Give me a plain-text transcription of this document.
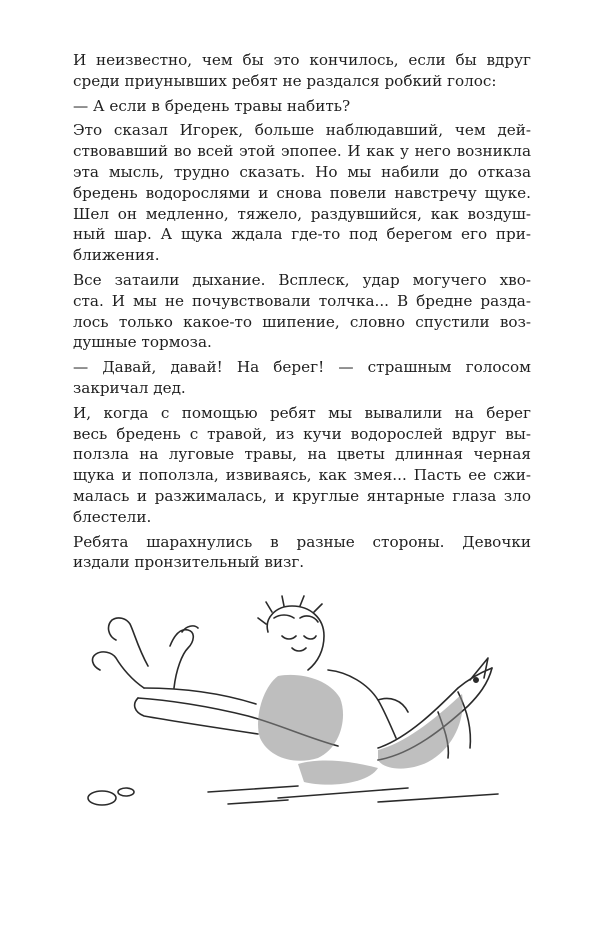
И неизвестно, чем бы это кончилось, если бы вдруг
среди приунывших ребят не раздался робкий голос:

— А если в бредень травы набить?

Это сказал Игорек, больше наблюдавший, чем дей-
ствовавший во всей этой эпопее. И как у него возникла
эта мысль, трудно сказать. Но мы набили до отказа
бредень водорослями и снова повели навстречу щуке.
Шел он медленно, тяжело, раздувшийся, как воздуш-
ный шар. А щука ждала где-то под берегом его при-
ближения.

Все затаили дыхание. Всплеск, удар могучего хво-
ста. И мы не почувствовали толчка... В бредне разда-
лось только какое-то шипение, словно спустили воз-
душные тормоза.

— Давай, давай! На берег! — страшным голосом
закричал дед.

И, когда с помощью ребят мы вывалили на берег
весь бредень с травой, из кучи водорослей вдруг вы-
ползла на луговые травы, на цветы длинная черная
щука и поползла, извиваясь, как змея... Пасть ее сжи-
малась и разжималась, и круглые янтарные глаза зло
блестели.

Ребята шарахнулись в разные стороны. Девочки
издали пронзительный визг.
